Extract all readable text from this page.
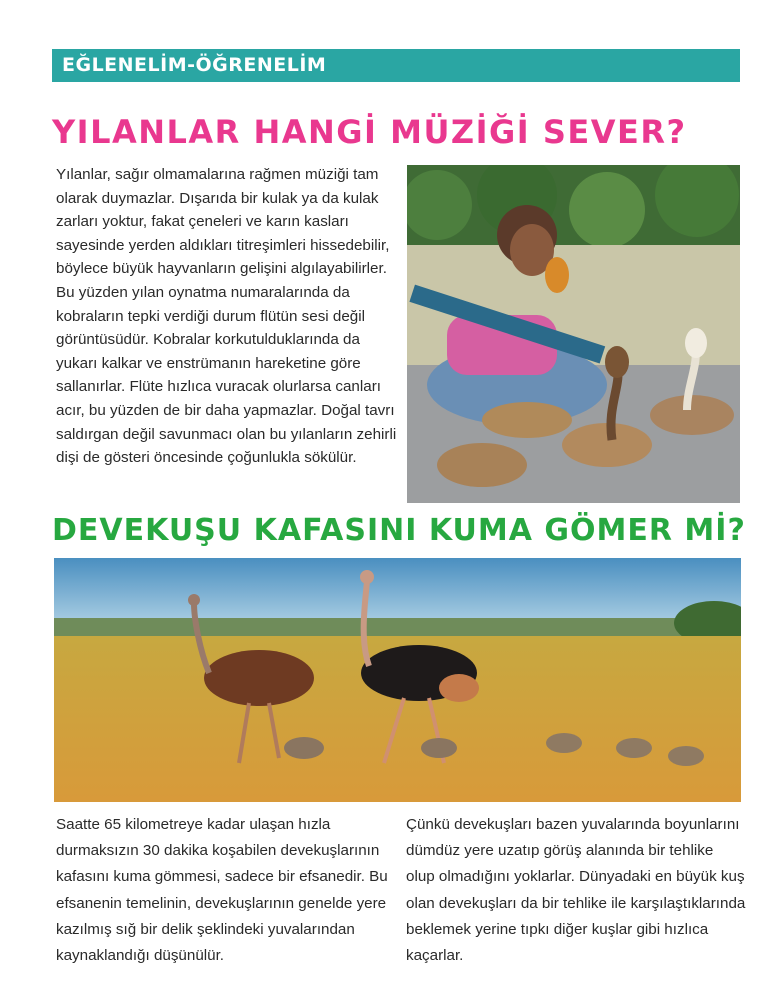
EĞLENELİM-ÖĞRENELİM
YILANLAR HANGİ MÜZİĞİ SEVER?

Yılanlar, sağır olmamalarına rağmen müziği tam olarak duymazlar. Dışarıda bir kulak ya da kulak zarları yoktur, fakat çeneleri ve karın kasları sayesinde yerden aldıkları titreşimleri hissedebilir, böylece büyük hayvanların gelişini algılayabilirler. Bu yüzden yılan oynatma numaralarında da kobraların tepki verdiği durum flütün sesi değil görüntüsüdür. Kobralar korkutulduklarında da yukarı kalkar ve enstrümanın hareketine göre sallanırlar. Flüte hızlıca vuracak olurlarsa canları acır, bu yüzden de bir daha yapmazlar. Doğal tavrı saldırgan değil savunmacı olan bu yılanların zehirli dişi de gösteri öncesinde çoğunlukla sökülür.

DEVEKUŞU KAFASINI KUMA GÖMER Mİ?

Saatte 65 kilometreye kadar ulaşan hızla durmaksızın 30 dakika koşabilen devekuşlarının kafasını kuma gömmesi, sadece bir efsanedir. Bu efsanenin temelinin, devekuşlarının genelde yere kazılmış sığ bir delik şeklindeki yuvalarından kaynaklandığı düşünülür.

Çünkü devekuşları bazen yuvalarında boyunlarını dümdüz yere uzatıp görüş alanında bir tehlike olup olmadığını yoklarlar. Dünyadaki en büyük kuş olan devekuşları da bir tehlike ile karşılaştıklarında beklemek yerine tıpkı diğer kuşlar gibi hızlıca kaçarlar.
